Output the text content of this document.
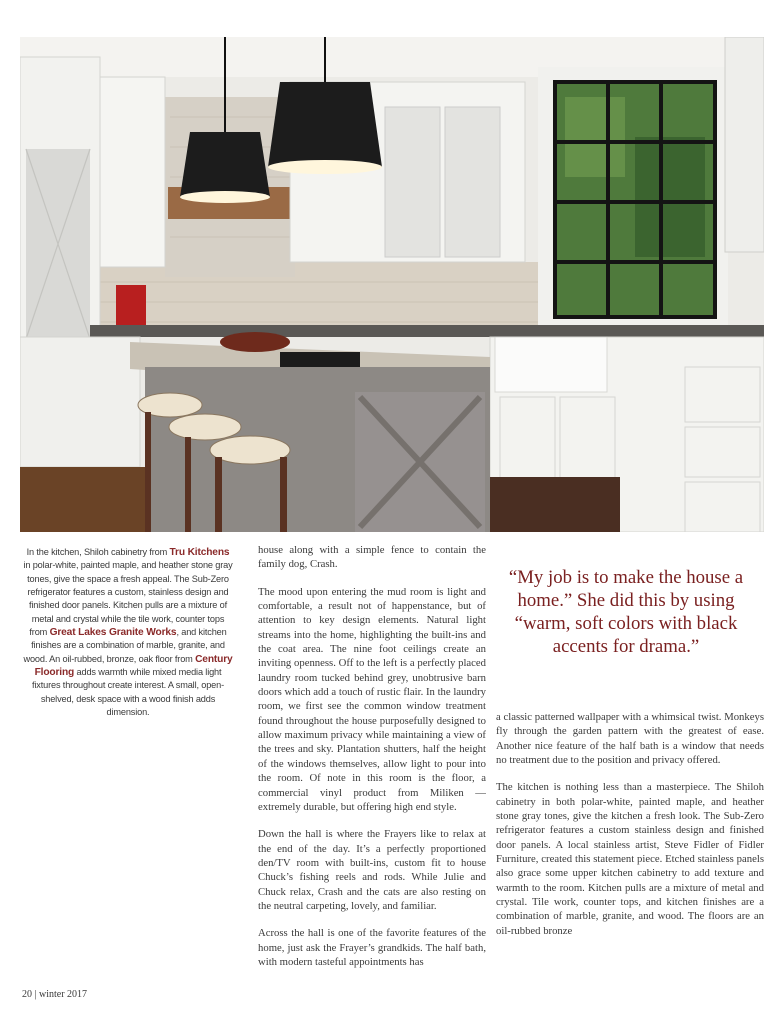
In the kitchen, Shiloh cabinetry from Tru Kitchens in polar-white, painted maple, and heather stone gray tones, give the space a fresh appeal. The Sub-Zero refrigerator features a custom, stainless design and finished door panels. Kitchen pulls are a mixture of metal and crystal while the tile work, counter tops from Great Lakes Granite Works, and kitchen finishes are a combination of marble, granite, and wood. An oil-rubbed, bronze, oak floor from Century Flooring adds warmth while mixed media light fixtures throughout create interest. A small, open-shelved, desk space with a wood finish adds dimension.

house along with a simple fence to contain the family dog, Crash.

The mood upon entering the mud room is light and comfortable, a result not of happenstance, but of attention to key design elements. Natural light streams into the home, highlighting the built-ins and the coat area. The nine foot ceilings create an inviting openness. Off to the left is a perfectly placed laundry room tucked behind grey, unobtrusive barn doors which add a touch of rustic flair. In the laundry room, we first see the common window treatment found throughout the house purposefully designed to allow maximum privacy while maintaining a view of the trees and sky. Plantation shutters, half the height of the windows themselves, allow light to pour into the room. Of note in this room is the floor, a commercial vinyl product from Miliken — extremely durable, but offering high end style.

Down the hall is where the Frayers like to relax at the end of the day. It’s a perfectly proportioned den/TV room with built-ins, custom fit to house Chuck’s fishing reels and rods. While Julie and Chuck relax, Crash and the cats are also resting on the neutral carpeting, lovely, and familiar.

Across the hall is one of the favorite features of the home, just ask the Frayer’s grandkids. The half bath, with modern tasteful appointments has

“My job is to make the house a home.” She did this by using “warm, soft colors with black accents for drama.”

a classic patterned wallpaper with a whimsical twist. Monkeys fly through the garden pattern with the greatest of ease. Another nice feature of the half bath is a window that needs no treatment due to the position and privacy offered.

The kitchen is nothing less than a masterpiece. The Shiloh cabinetry in both polar-white, painted maple, and heather stone gray tones, give the kitchen a fresh look. The Sub-Zero refrigerator features a custom stainless design and finished door panels. A local stainless artist, Steve Fidler of Fidler Furniture, created this statement piece. Etched stainless panels also grace some upper kitchen cabinetry to add texture and warmth to the room. Kitchen pulls are a mixture of metal and crystal. Tile work, counter tops, and kitchen finishes are a combination of marble, granite, and wood. The floors are an oil-rubbed bronze

20 | winter 2017
